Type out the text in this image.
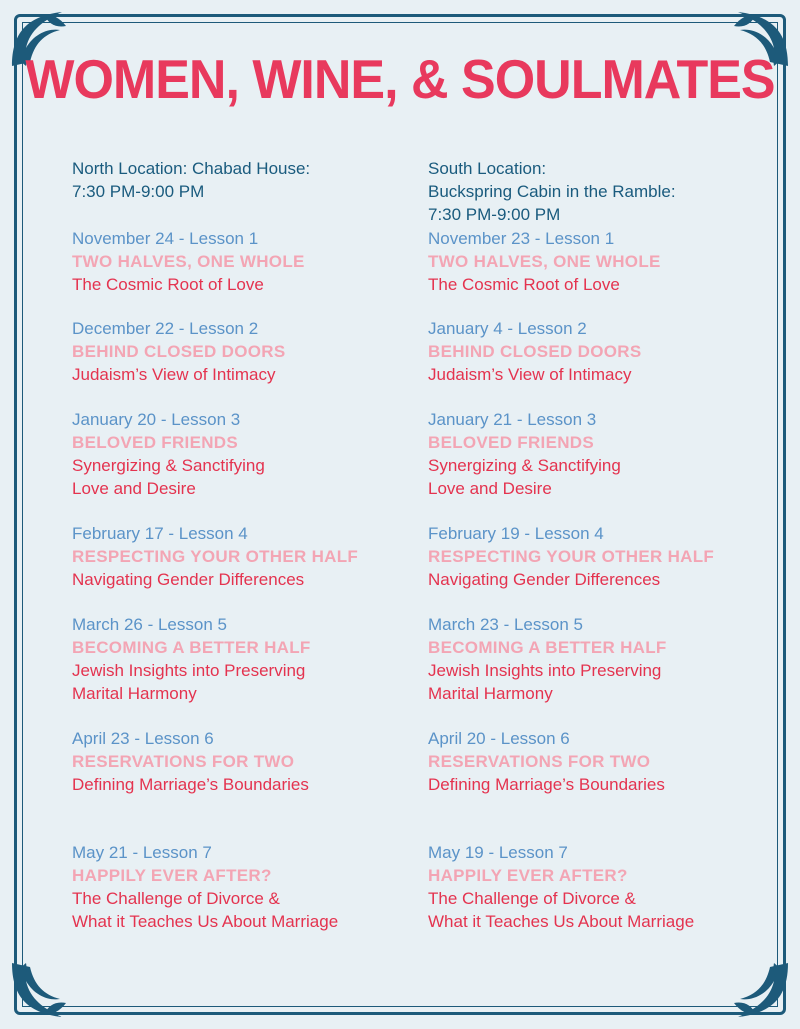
WOMEN, WINE, & SOULMATES
North Location: Chabad House:
7:30 PM-9:00 PM
November 24 - Lesson 1
TWO HALVES, ONE WHOLE
The Cosmic Root of Love
December 22 - Lesson 2
BEHIND CLOSED DOORS
Judaism’s View of Intimacy
January 20 - Lesson 3
BELOVED FRIENDS
Synergizing & Sanctifying
Love and Desire
February 17 - Lesson 4
RESPECTING YOUR OTHER HALF
Navigating Gender Differences
March 26 - Lesson 5
BECOMING A BETTER HALF
Jewish Insights into Preserving
Marital Harmony
April 23 - Lesson 6
RESERVATIONS FOR TWO
Defining Marriage’s Boundaries
May 21 - Lesson 7
HAPPILY EVER AFTER?
The Challenge of Divorce &
What it Teaches Us About Marriage
South Location:
Buckspring Cabin in the Ramble:
7:30 PM-9:00 PM
November 23 - Lesson 1
TWO HALVES, ONE WHOLE
The Cosmic Root of Love
January 4 - Lesson 2
BEHIND CLOSED DOORS
Judaism’s View of Intimacy
January 21 - Lesson 3
BELOVED FRIENDS
Synergizing & Sanctifying
Love and Desire
February 19 - Lesson 4
RESPECTING YOUR OTHER HALF
Navigating Gender Differences
March 23 - Lesson 5
BECOMING A BETTER HALF
Jewish Insights into Preserving
Marital Harmony
April 20 - Lesson 6
RESERVATIONS FOR TWO
Defining Marriage’s Boundaries
May 19 - Lesson 7
HAPPILY EVER AFTER?
The Challenge of Divorce &
What it Teaches Us About Marriage
